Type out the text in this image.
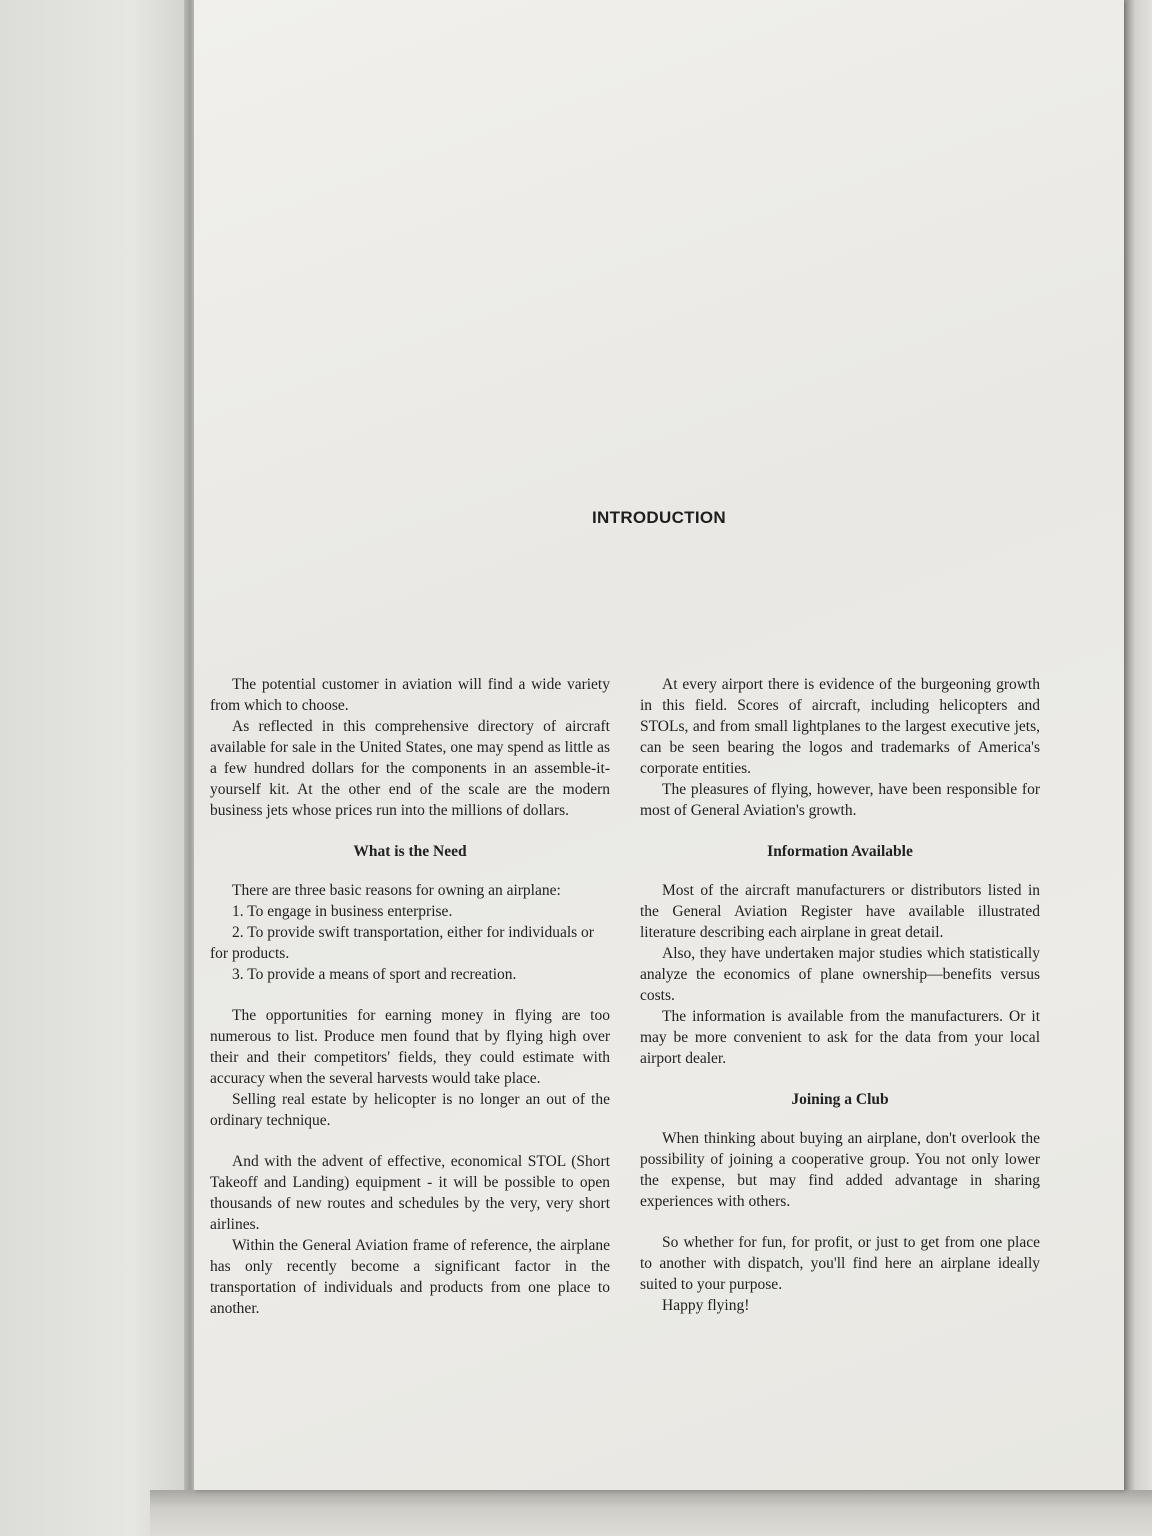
INTRODUCTION

The potential customer in aviation will find a wide variety from which to choose.

As reflected in this comprehensive directory of aircraft available for sale in the United States, one may spend as little as a few hundred dollars for the components in an assemble-it-yourself kit. At the other end of the scale are the modern business jets whose prices run into the millions of dollars.

What is the Need

There are three basic reasons for owning an airplane:

1. To engage in business enterprise.

2. To provide swift transportation, either for individuals or for products.

3. To provide a means of sport and recreation.

The opportunities for earning money in flying are too numerous to list. Produce men found that by flying high over their and their competitors' fields, they could estimate with accuracy when the several harvests would take place.

Selling real estate by helicopter is no longer an out of the ordinary technique.

And with the advent of effective, economical STOL (Short Takeoff and Landing) equipment - it will be possible to open thousands of new routes and schedules by the very, very short airlines.

Within the General Aviation frame of reference, the airplane has only recently become a significant factor in the transportation of individuals and products from one place to another.

At every airport there is evidence of the burgeoning growth in this field. Scores of aircraft, including helicopters and STOLs, and from small lightplanes to the largest executive jets, can be seen bearing the logos and trademarks of America's corporate entities.

The pleasures of flying, however, have been responsible for most of General Aviation's growth.

Information Available

Most of the aircraft manufacturers or distributors listed in the General Aviation Register have available illustrated literature describing each airplane in great detail.

Also, they have undertaken major studies which statistically analyze the economics of plane ownership—benefits versus costs.

The information is available from the manufacturers. Or it may be more convenient to ask for the data from your local airport dealer.

Joining a Club

When thinking about buying an airplane, don't overlook the possibility of joining a cooperative group. You not only lower the expense, but may find added advantage in sharing experiences with others.

So whether for fun, for profit, or just to get from one place to another with dispatch, you'll find here an airplane ideally suited to your purpose.

Happy flying!
